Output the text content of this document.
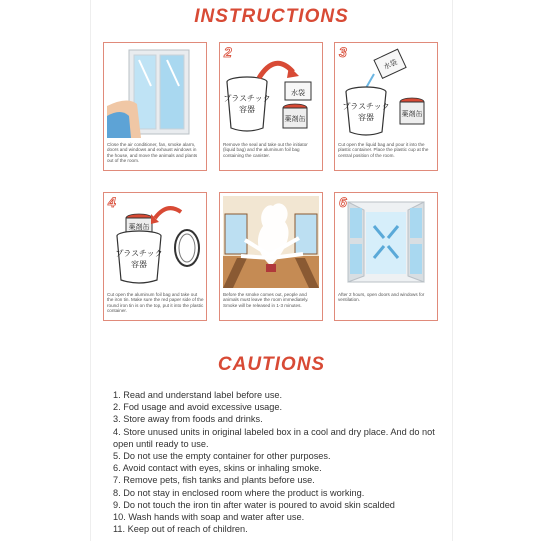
INSTRUCTIONS
Close the air conditioner, fan, smoke alarm, doors and windows and exhaust windows in the house, and move the animals and plants out of the room.
2
プラスチック
容器
水袋
薬剤缶
Remove the seal and take out the initiator (liquid bag) and the aluminum foil bag containing the canister.
3
水袋
プラスチック
容器	薬剤缶
Cut open the liquid bag and pour it into the plastic container. Place the plastic cup at the central position of the room.
4
薬剤缶
プラスチック
容器
Cut open the aluminum foil bag and take out the iron tin. Make sure the red paper side of the round iron tin is on the top, put it into the plastic container.
Before the smoke comes out, people and animals must leave the room immediately. Smoke will be released in 1-3 minutes.
6
After 2 hours, open doors and windows for ventilation.
CAUTIONS
1. Read and understand label before use.
2. Fod usage and avoid excessive usage.
3. Store away from foods and drinks.
4. Store unused units in original labeled box in a cool and dry place. And do not open until ready to use.
5. Do not use the empty container for other purposes.
6. Avoid contact with eyes, skins or inhaling smoke.
7. Remove pets, fish tanks and plants before use.
8. Do not stay in enclosed room where the product is working.
9. Do not touch the iron tin after water is poured to avoid skin scalded
10. Wash hands with soap and water after use.
11. Keep out of reach of children.
